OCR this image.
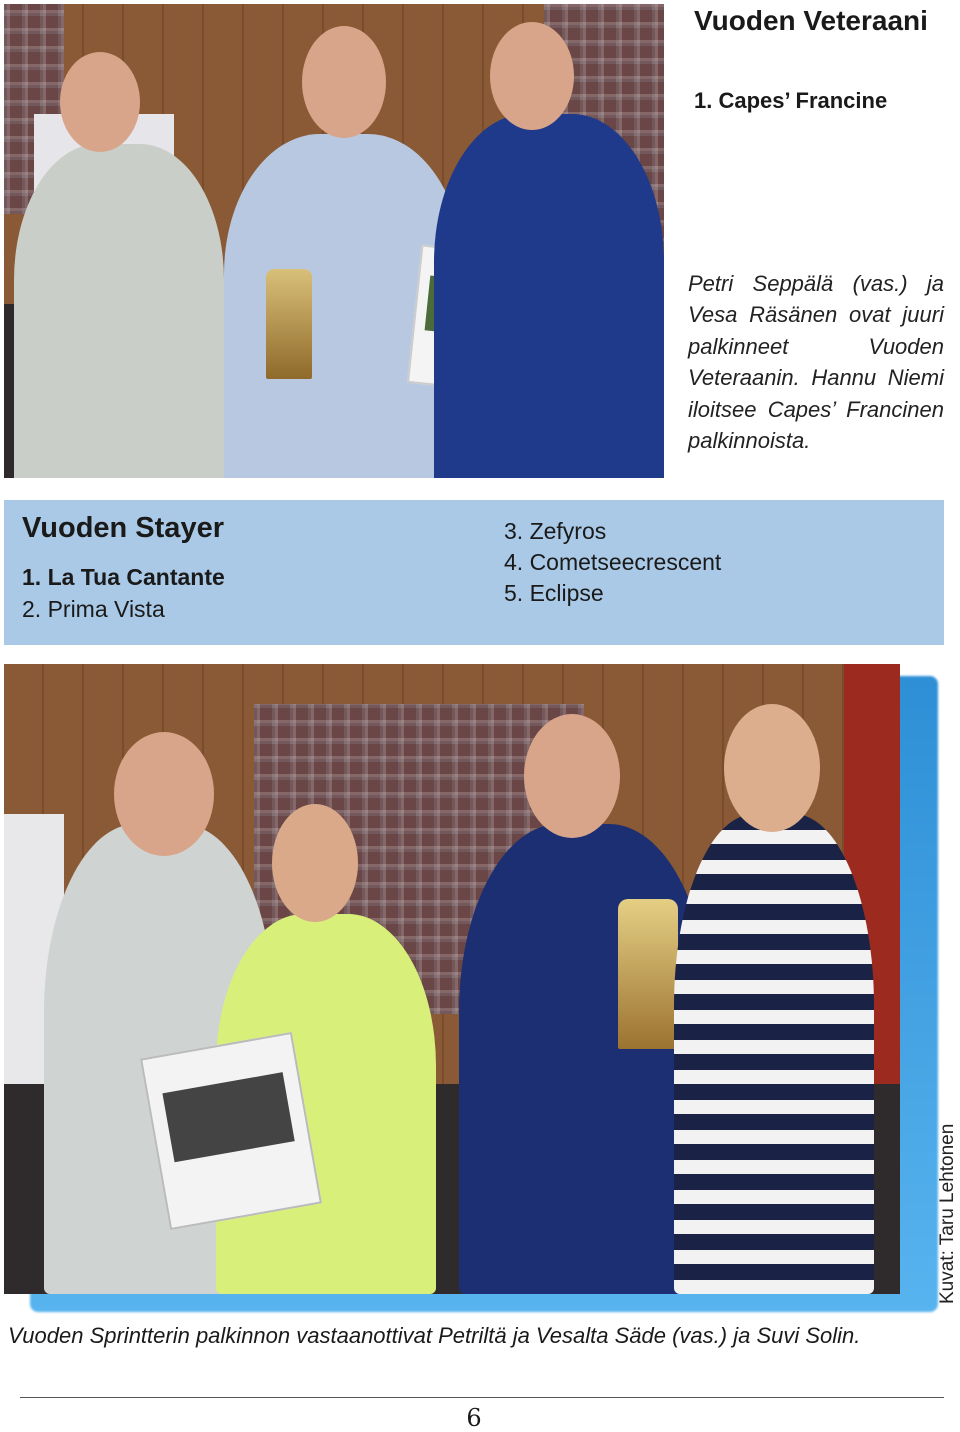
Vuoden Veteraani
1. Capes’ Francine
Petri Seppälä (vas.) ja Vesa Räsänen ovat juuri palkinneet Vuoden Veteraanin. Hannu Niemi iloitsee Capes’ Francinen palkinnoista.
Vuoden Stayer
1. La Tua Cantante
2. Prima Vista
3. Zefyros
4. Cometseecrescent
5. Eclipse
Kuvat: Taru Lehtonen
Vuoden Sprintterin palkinnon vastaanottivat Petriltä ja Vesalta Säde (vas.) ja Suvi Solin.
6
